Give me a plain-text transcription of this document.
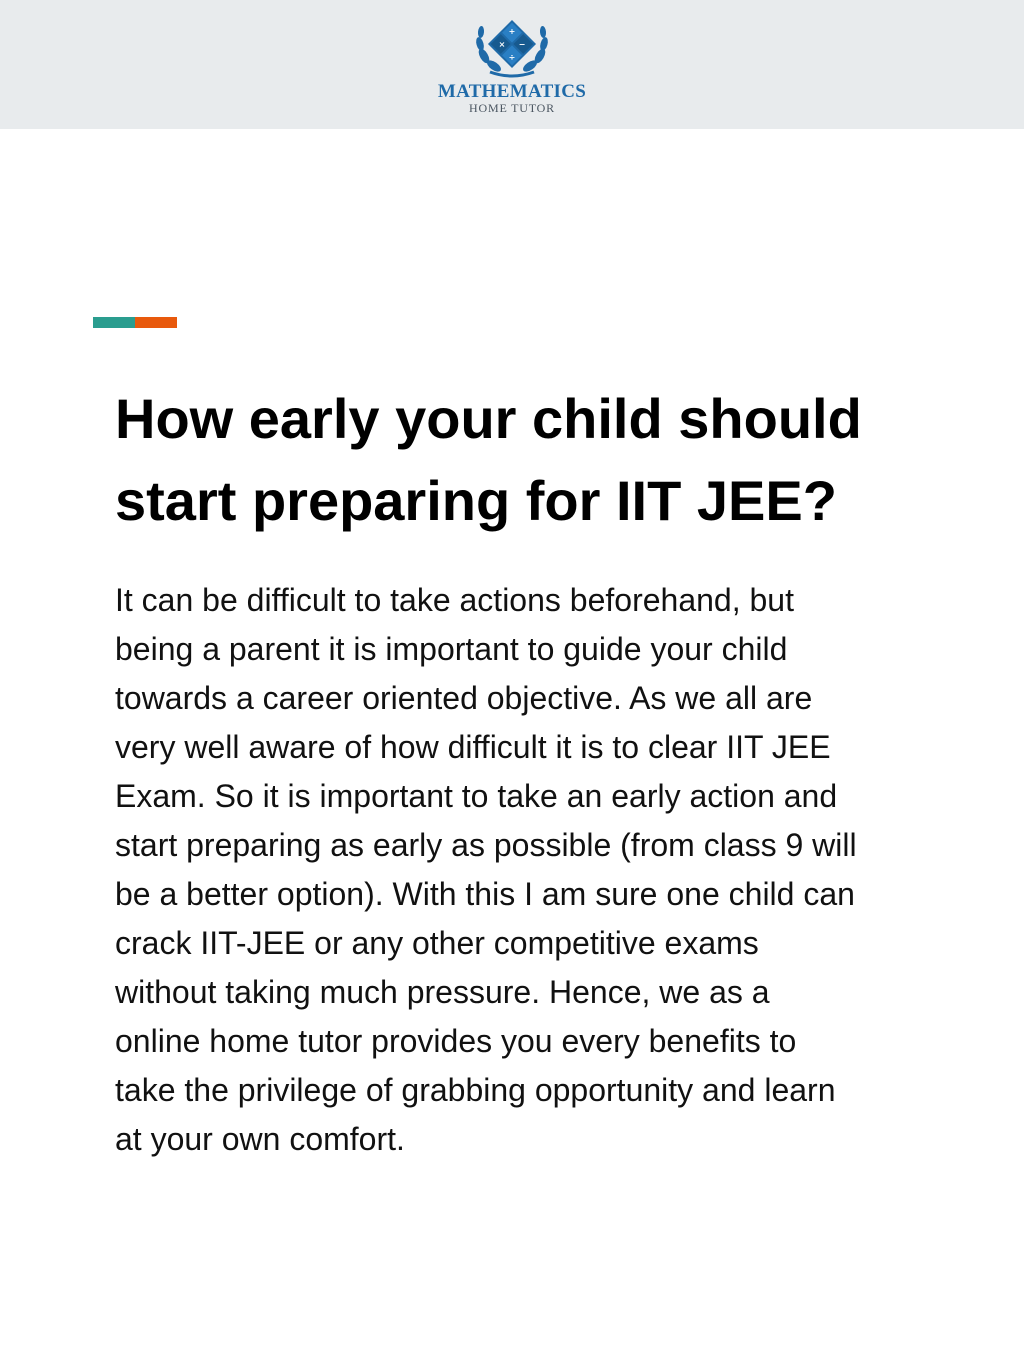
+
× −
÷
MATHEMATICS
HOME TUTOR
How early your child should
start preparing for IIT JEE?

It can be difficult to take actions beforehand, but
being a parent it is important to guide your child
towards a career oriented objective. As we all are
very well aware of how difficult it is to clear IIT JEE
Exam. So it is important to take an early action and
start preparing as early as possible (from class 9 will
be a better option). With this I am sure one child can
crack IIT-JEE or any other competitive exams
without taking much pressure. Hence, we as a
online home tutor provides you every benefits to
take the privilege of grabbing opportunity and learn
at your own comfort.
